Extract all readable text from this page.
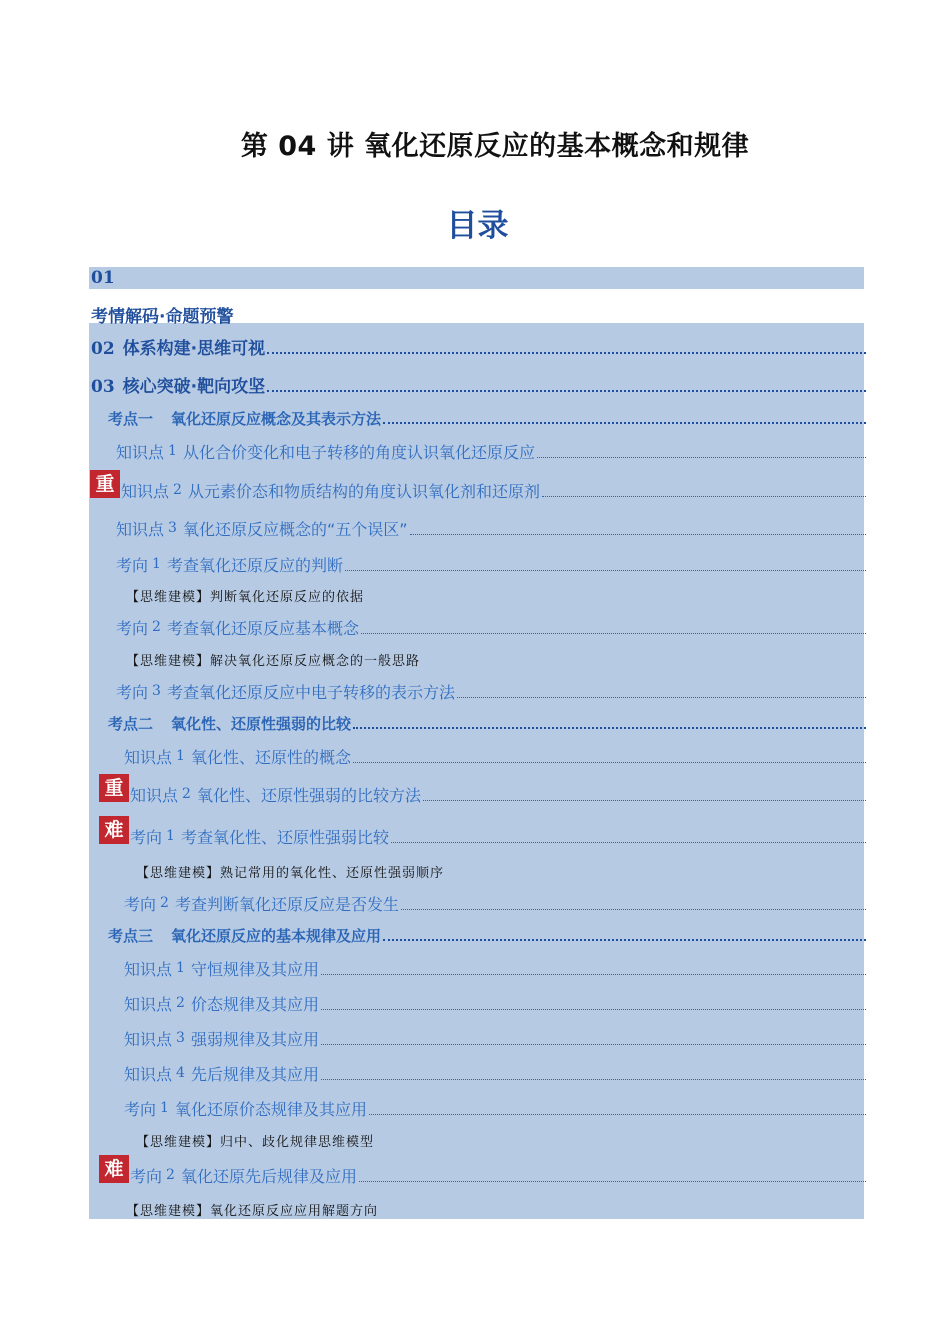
第 04 讲 氧化还原反应的基本概念和规律
目录
01
考情解码·命题预警
02 体系构建·思维可视
03 核心突破·靶向攻坚
考点一 氧化还原反应概念及其表示方法
知识点 1 从化合价变化和电子转移的角度认识氧化还原反应
重 知识点 2 从元素价态和物质结构的角度认识氧化剂和还原剂
知识点 3 氧化还原反应概念的“五个误区”
考向 1 考查氧化还原反应的判断
【思维建模】判断氧化还原反应的依据
考向 2 考查氧化还原反应基本概念
【思维建模】解决氧化还原反应概念的一般思路
考向 3 考查氧化还原反应中电子转移的表示方法
考点二 氧化性、还原性强弱的比较
知识点 1 氧化性、还原性的概念
重 知识点 2 氧化性、还原性强弱的比较方法
难 考向 1 考查氧化性、还原性强弱比较
【思维建模】熟记常用的氧化性、还原性强弱顺序
考向 2 考查判断氧化还原反应是否发生
考点三 氧化还原反应的基本规律及应用
知识点 1 守恒规律及其应用
知识点 2 价态规律及其应用
知识点 3 强弱规律及其应用
知识点 4 先后规律及其应用
考向 1 氧化还原价态规律及其应用
【思维建模】归中、歧化规律思维模型
难 考向 2 氧化还原先后规律及应用
【思维建模】氧化还原反应应用解题方向
